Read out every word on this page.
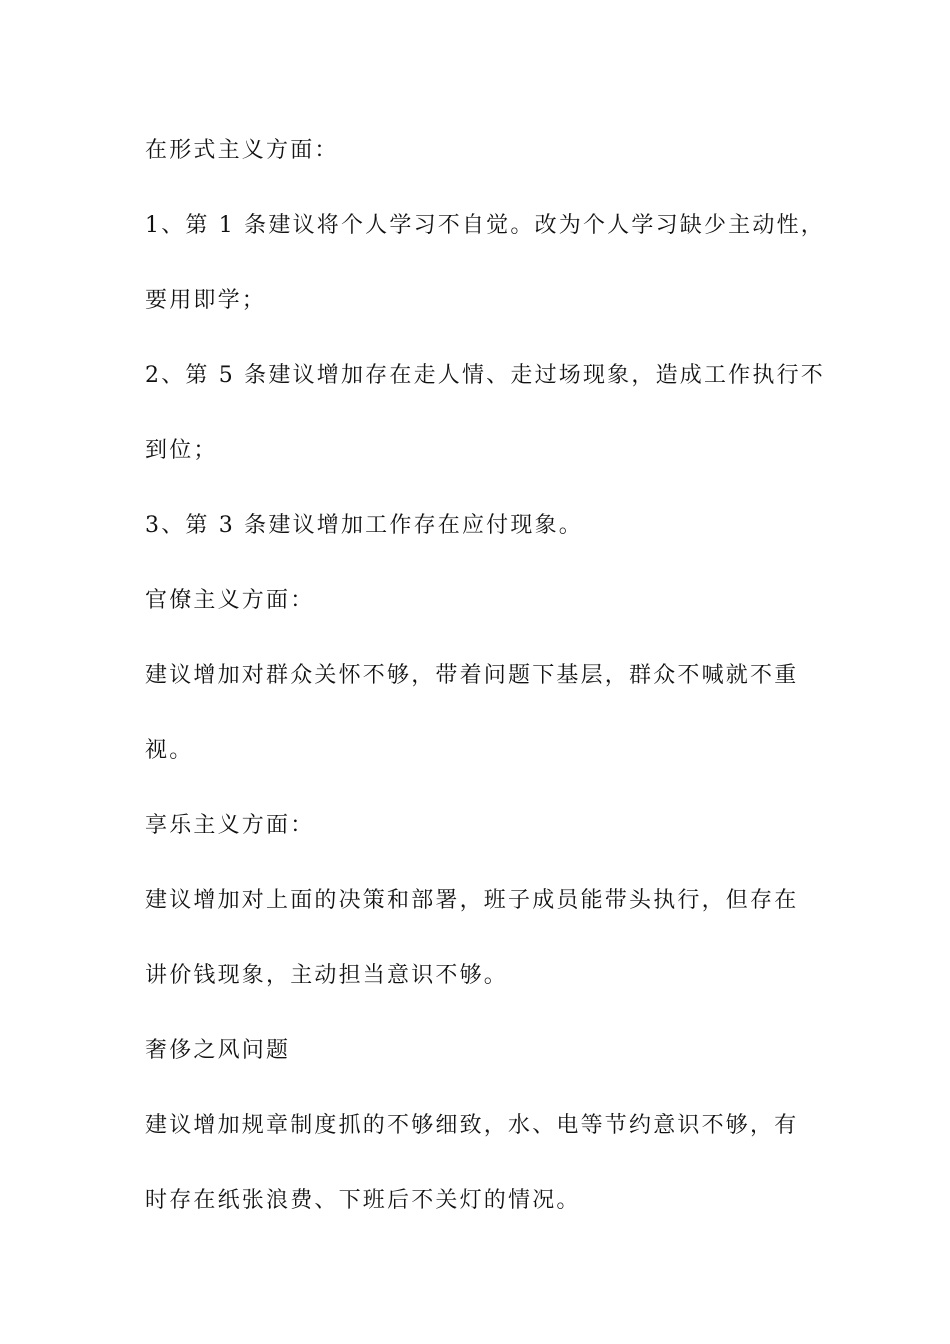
在形式主义方面：
1、第 1 条建议将个人学习不自觉。改为个人学习缺少主动性，
要用即学；
2、第 5 条建议增加存在走人情、走过场现象，造成工作执行不
到位；
3、第 3 条建议增加工作存在应付现象。
官僚主义方面：
建议增加对群众关怀不够，带着问题下基层，群众不喊就不重
视。
享乐主义方面：
建议增加对上面的决策和部署，班子成员能带头执行，但存在
讲价钱现象，主动担当意识不够。
奢侈之风问题
建议增加规章制度抓的不够细致，水、电等节约意识不够，有
时存在纸张浪费、下班后不关灯的情况。
